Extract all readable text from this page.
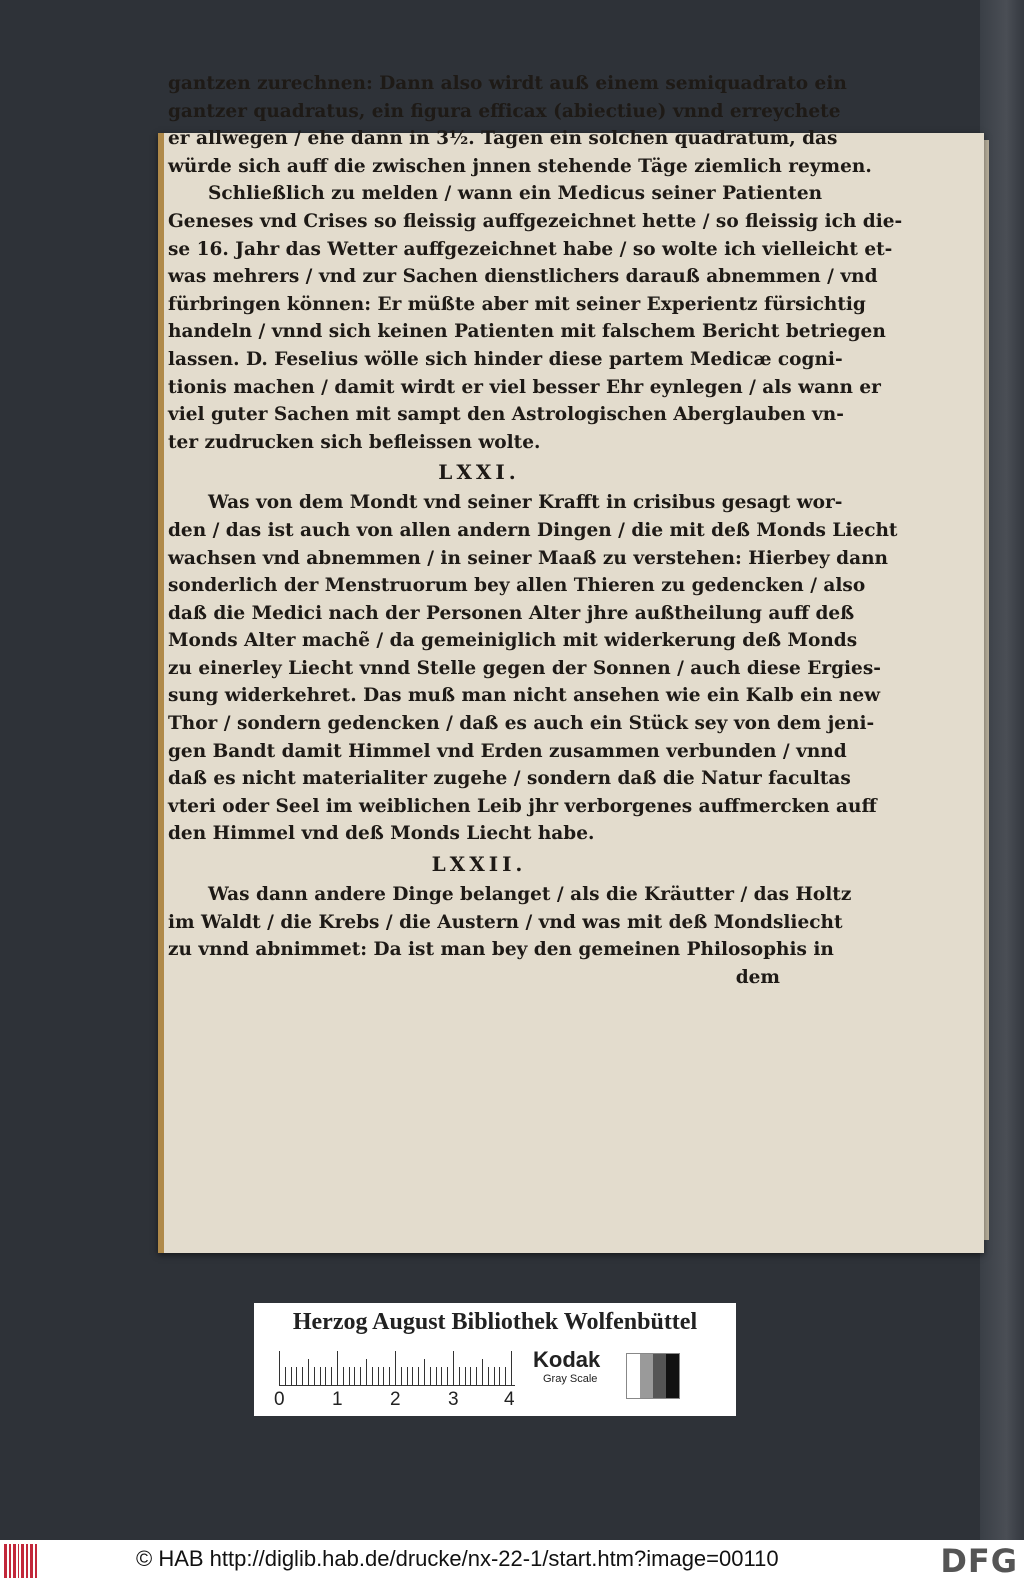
gantzen zurechnen: Dann also wirdt auß einem semiquadrato ein
gantzer quadratus, ein figura efficax (abiectiue) vnnd erreychete
er allwegen / ehe dann in 3½. Tagen ein solchen quadratum, das
würde sich auff die zwischen jnnen stehende Täge ziemlich reymen.
Schließlich zu melden / wann ein Medicus seiner Patienten
Geneses vnd Crises so fleissig auffgezeichnet hette / so fleissig ich die-
se 16. Jahr das Wetter auffgezeichnet habe / so wolte ich vielleicht et-
was mehrers / vnd zur Sachen dienstlichers darauß abnemmen / vnd
fürbringen können: Er müßte aber mit seiner Experientz fürsichtig
handeln / vnnd sich keinen Patienten mit falschem Bericht betriegen
lassen. D. Feselius wölle sich hinder diese partem Medicæ cogni-
tionis machen / damit wirdt er viel besser Ehr eynlegen / als wann er
viel guter Sachen mit sampt den Astrologischen Aberglauben vn-
ter zudrucken sich befleissen wolte.
LXXI.
Was von dem Mondt vnd seiner Krafft in crisibus gesagt wor-
den / das ist auch von allen andern Dingen / die mit deß Monds Liecht
wachsen vnd abnemmen / in seiner Maaß zu verstehen: Hierbey dann
sonderlich der Menstruorum bey allen Thieren zu gedencken / also
daß die Medici nach der Personen Alter jhre außtheilung auff deß
Monds Alter machẽ / da gemeiniglich mit widerkerung deß Monds
zu einerley Liecht vnnd Stelle gegen der Sonnen / auch diese Ergies-
sung widerkehret. Das muß man nicht ansehen wie ein Kalb ein new
Thor / sondern gedencken / daß es auch ein Stück sey von dem jeni-
gen Bandt damit Himmel vnd Erden zusammen verbunden / vnnd
daß es nicht materialiter zugehe / sondern daß die Natur facultas
vteri oder Seel im weiblichen Leib jhr verborgenes auffmercken auff
den Himmel vnd deß Monds Liecht habe.
LXXII.
Was dann andere Dinge belanget / als die Kräutter / das Holtz
im Waldt / die Krebs / die Austern / vnd was mit deß Mondsliecht
zu vnnd abnimmet: Da ist man bey den gemeinen Philosophis in
dem
Herzog August Bibliothek Wolfenbüttel
0 1 2 3 4
Kodak
Gray Scale
© HAB http://diglib.hab.de/drucke/nx-22-1/start.htm?image=00110	DFG
